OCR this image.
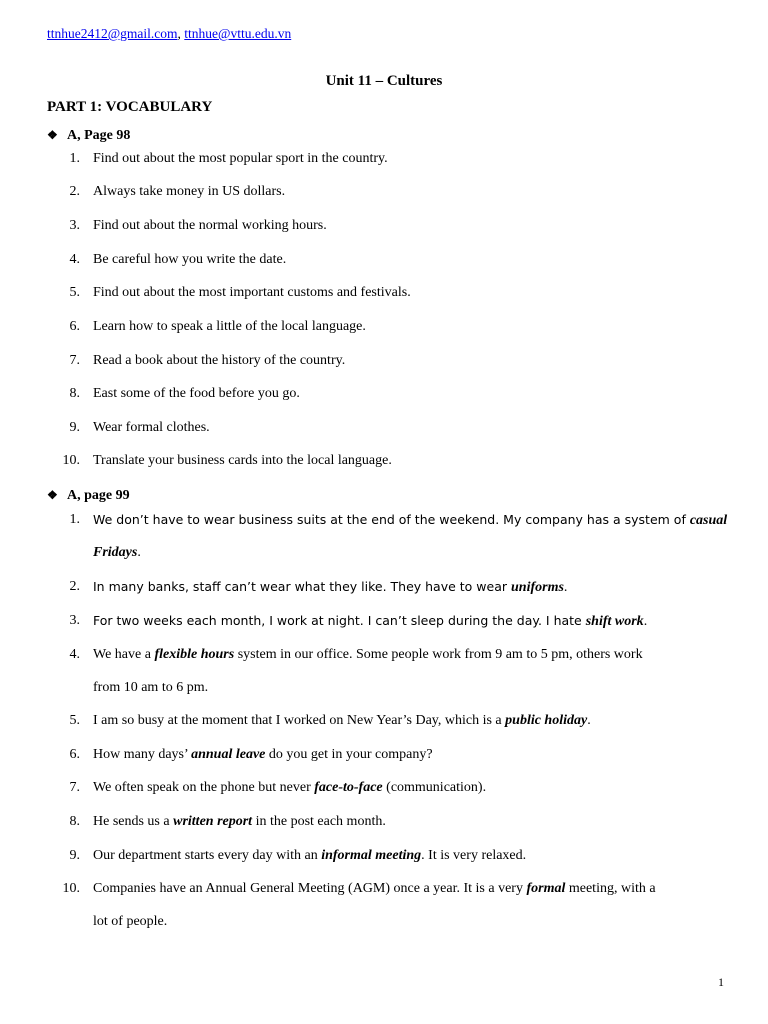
ttnhue2412@gmail.com, ttnhue@vttu.edu.vn
Unit 11 – Cultures
PART 1: VOCABULARY
❖ A, Page 98
1. Find out about the most popular sport in the country.
2. Always take money in US dollars.
3. Find out about the normal working hours.
4. Be careful how you write the date.
5. Find out about the most important customs and festivals.
6. Learn how to speak a little of the local language.
7. Read a book about the history of the country.
8. East some of the food before you go.
9. Wear formal clothes.
10. Translate your business cards into the local language.
❖ A, page 99
1. We don’t have to wear business suits at the end of the weekend. My company has a system of casual
Fridays.
2. In many banks, staff can’t wear what they like. They have to wear uniforms.
3. For two weeks each month, I work at night. I can’t sleep during the day. I hate shift work.
4. We have a flexible hours system in our office. Some people work from 9 am to 5 pm, others work
from 10 am to 6 pm.
5. I am so busy at the moment that I worked on New Year’s Day, which is a public holiday.
6. How many days’ annual leave do you get in your company?
7. We often speak on the phone but never face-to-face (communication).
8. He sends us a written report in the post each month.
9. Our department starts every day with an informal meeting. It is very relaxed.
10. Companies have an Annual General Meeting (AGM) once a year. It is a very formal meeting, with a
lot of people.
1
